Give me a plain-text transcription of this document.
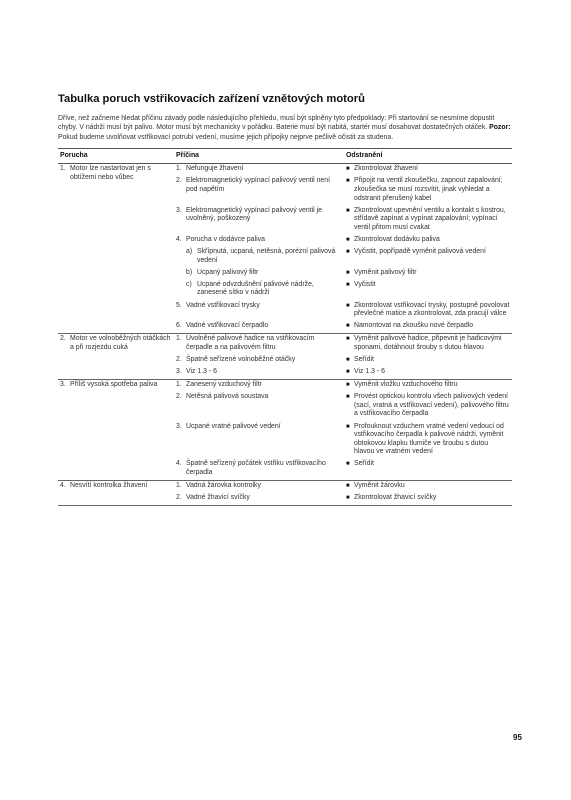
Tabulka poruch vstřikovacích zařízení vznětových motorů

Dříve, než začneme hledat příčinu závady podle následujícího přehledu, musí být splněny tyto předpoklady: Při startování se nesmíme dopustit chyby. V nádrži musí být palivo. Motor musí být mechanicky v pořádku. Baterie musí být nabitá, startér musí dosahovat dostatečných otáček. Pozor: Pokud budeme uvolňovat vstřikovací potrubí vedení, musíme jejich přípojky nejprve pečlivě očistit za studena.

Porucha	Příčina	Odstranění

1. Motor lze nastartovat jen s obtížemi nebo vůbec	1. Nefunguje žhavení	■ Zkontrolovat žhavení

	2. Elektromagnetický vypínací palivový ventil není pod napětím	■ Připojit na ventil zkoušečku, zapnout zapalování; zkoušečka se musí rozsvítit, jinak vyhledat a odstranit přerušený kabel

	3. Elektromagnetický vypínací palivový ventil je uvolněný, poškozený	■ Zkontrolovat upevnění ventilu a kontakt s kostrou, střídavě zapínat a vypínat zapalování; vypínací ventil přitom musí cvakat

	4. Porucha v dodávce paliva	■ Zkontrolovat dodávku paliva

	a) Skřípnutá, ucpaná, netěsná, porézní palivová vedení	■ Vyčistit, popřípadě vyměnit palivová vedení

	b) Ucpaný palivový filtr	■ Vyměnit palivový filtr

	c) Ucpané odvzdušnění palivové nádrže, zanesené sítko v nádrži	■ Vyčistit

	5. Vadné vstřikovací trysky	■ Zkontrolovat vstřikovací trysky, postupně povolovat převlečné matice a zkontrolovat, zda pracují válce

	6. Vadné vstřikovací čerpadlo	■ Namontovat na zkoušku nové čerpadlo

2. Motor ve volnoběžných otáčkách a při rozjezdu cuká	1. Uvolněné palivové hadice na vstřikovacím čerpadle a na palivovém filtru	■ Vyměnit palivové hadice, připevnit je hadicovými sponami, dotáhnout šrouby s dutou hlavou

	2. Špatně seřízené volnoběžné otáčky	■ Seřídit

	3. Viz 1.3 - 6	■ Viz 1.3 - 6

3. Příliš vysoká spotřeba paliva	1. Zanesený vzduchový filtr	■ Vyměnit vložku vzduchového filtru

	2. Netěsná palivová soustava	■ Provést optickou kontrolu všech palivových vedení (sací, vratná a vstřikovací vedení), palivového filtru a vstřikovacího čerpadla

	3. Ucpané vratné palivové vedení	■ Profouknout vzduchem vratné vedení vedoucí od vstřikovacího čerpadla k palivové nádrži, vyměnit obtokovou klapku tlumiče ve šroubu s dutou hlavou ve vratném vedení

	4. Špatně seřízený počátek vstřiku vstřikovacího čerpadla	■ Seřídit

4. Nesvítí kontrolka žhavení	1. Vadná žárovka kontrolky	■ Vyměnit žárovku

	2. Vadné žhavicí svíčky	■ Zkontrolovat žhavicí svíčky
95
